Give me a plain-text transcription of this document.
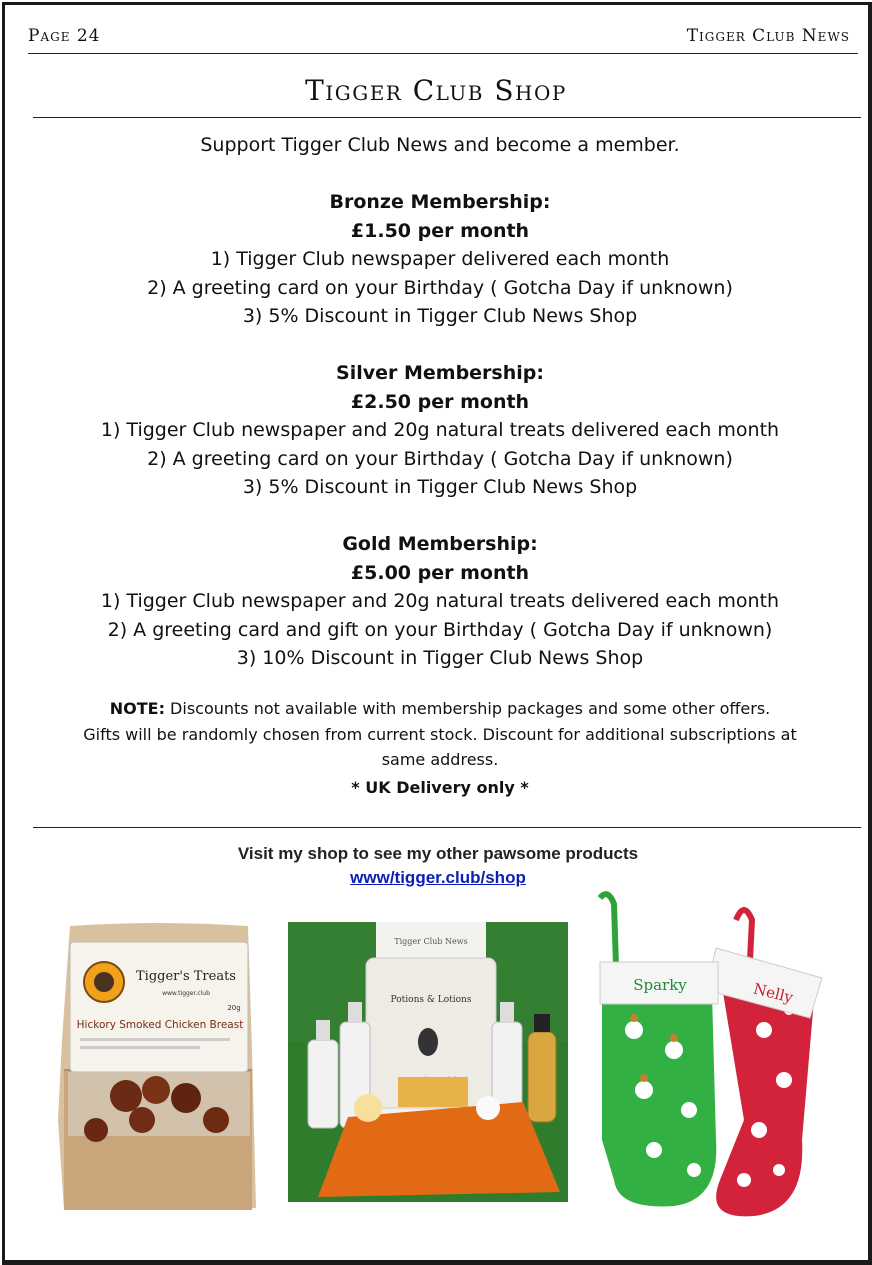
Page 24	Tigger Club News
Tigger Club Shop
Support Tigger Club News and become a member.

Bronze Membership:
£1.50 per month
1) Tigger Club newspaper delivered each month
2) A greeting card on your Birthday ( Gotcha Day if unknown)
3) 5% Discount in Tigger Club News Shop

Silver Membership:
£2.50 per month
1) Tigger Club newspaper and 20g natural treats delivered each month
2) A greeting card on your Birthday ( Gotcha Day if unknown)
3) 5% Discount in Tigger Club News Shop

Gold Membership:
£5.00 per month
1) Tigger Club newspaper and 20g natural treats delivered each month
2) A greeting card and gift on your Birthday ( Gotcha Day if unknown)
3) 10% Discount in Tigger Club News Shop
NOTE: Discounts not available with membership packages and some other offers.
Gifts will be randomly chosen from current stock. Discount for additional subscriptions at
same address.
* UK Delivery only *
Visit my shop to see my other pawsome products
www/tigger.club/shop
Tigger's Treats
www.tigger.club
20g
Hickory Smoked Chicken Breast
Tigger Club News
Potions & Lotions	Nelly
Sparky
